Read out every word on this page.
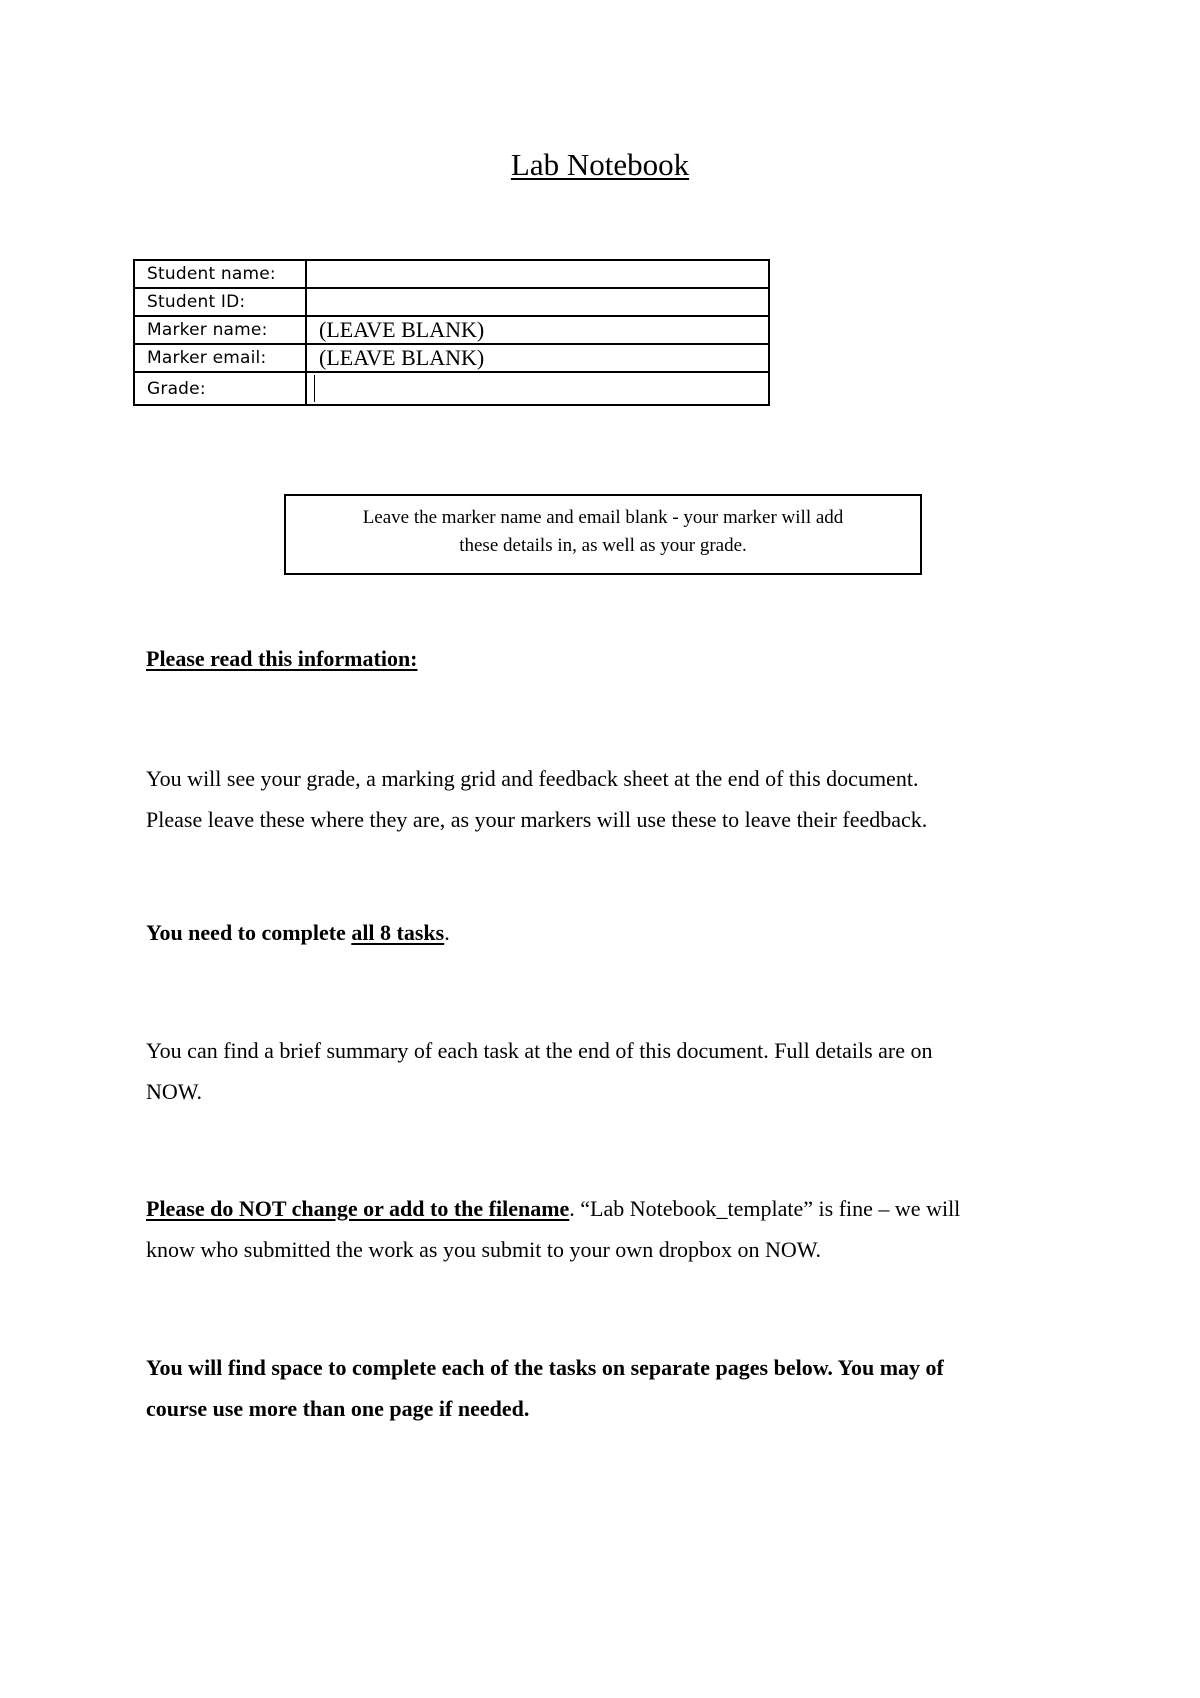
Lab Notebook
Student name:	
Student ID:	
Marker name:	(LEAVE BLANK)
Marker email:	(LEAVE BLANK)
Grade:	
Leave the marker name and email blank - your marker will add
these details in, as well as your grade.
Please read this information:
You will see your grade, a marking grid and feedback sheet at the end of this document.
Please leave these where they are, as your markers will use these to leave their feedback.
You need to complete all 8 tasks.
You can find a brief summary of each task at the end of this document. Full details are on
NOW.
Please do NOT change or add to the filename. “Lab Notebook_template” is fine – we will
know who submitted the work as you submit to your own dropbox on NOW.
You will find space to complete each of the tasks on separate pages below. You may of
course use more than one page if needed.
